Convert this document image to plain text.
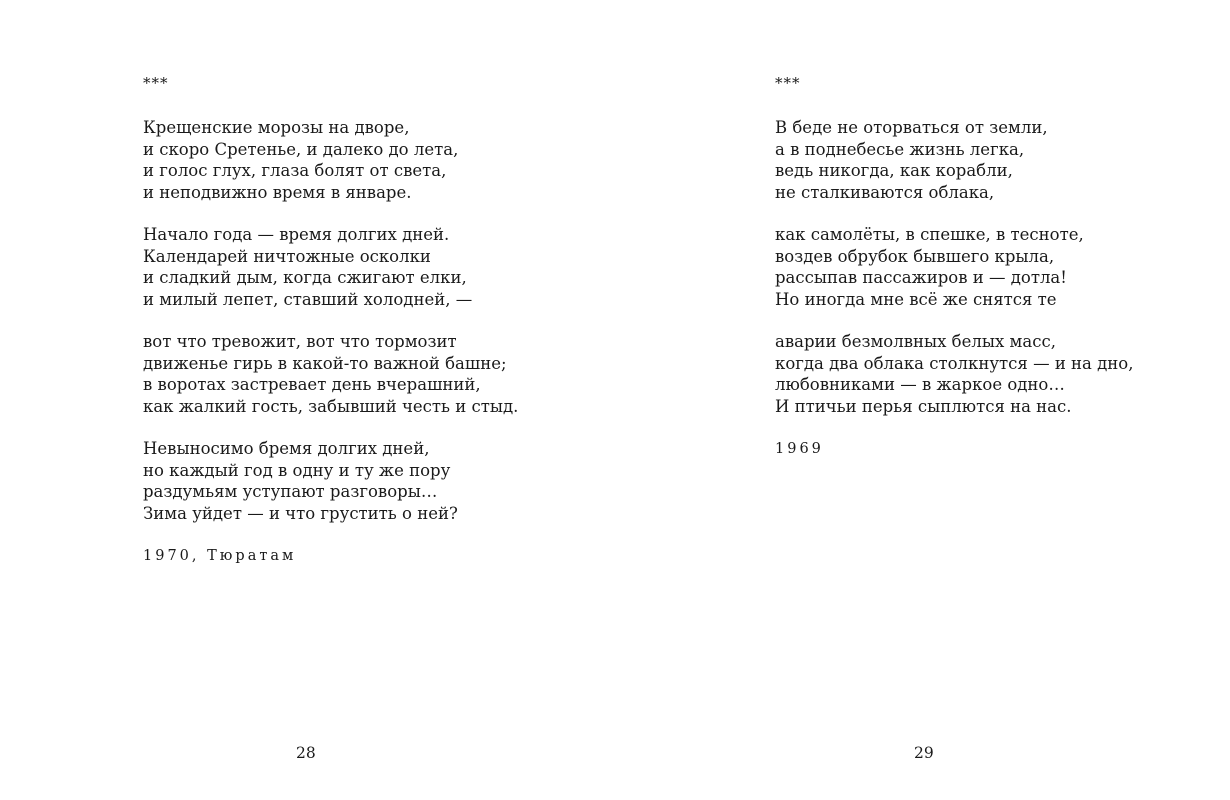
***
Крещенские морозы на дворе,
и скоро Сретенье, и далеко до лета,
и голос глух, глаза болят от света,
и неподвижно время в январе.
Начало года — время долгих дней.
Календарей ничтожные осколки
и сладкий дым, когда сжигают елки,
и милый лепет, ставший холодней, —
вот что тревожит, вот что тормозит
движенье гирь в какой-то важной башне;
в воротах застревает день вчерашний,
как жалкий гость, забывший честь и стыд.
Невыносимо бремя долгих дней,
но каждый год в одну и ту же пору
раздумьям уступают разговоры…
Зима уйдет — и что грустить о ней?
1970, Тюратам
28
***
В беде не оторваться от земли,
а в поднебесье жизнь легка,
ведь никогда, как корабли,
не сталкиваются облака,
как самолёты, в спешке, в тесноте,
воздев обрубок бывшего крыла,
рассыпав пассажиров и — дотла!
Но иногда мне всё же снятся те
аварии безмолвных белых масс,
когда два облака столкнутся — и на дно,
любовниками — в жаркое одно…
И птичьи перья сыплются на нас.
1969
29
